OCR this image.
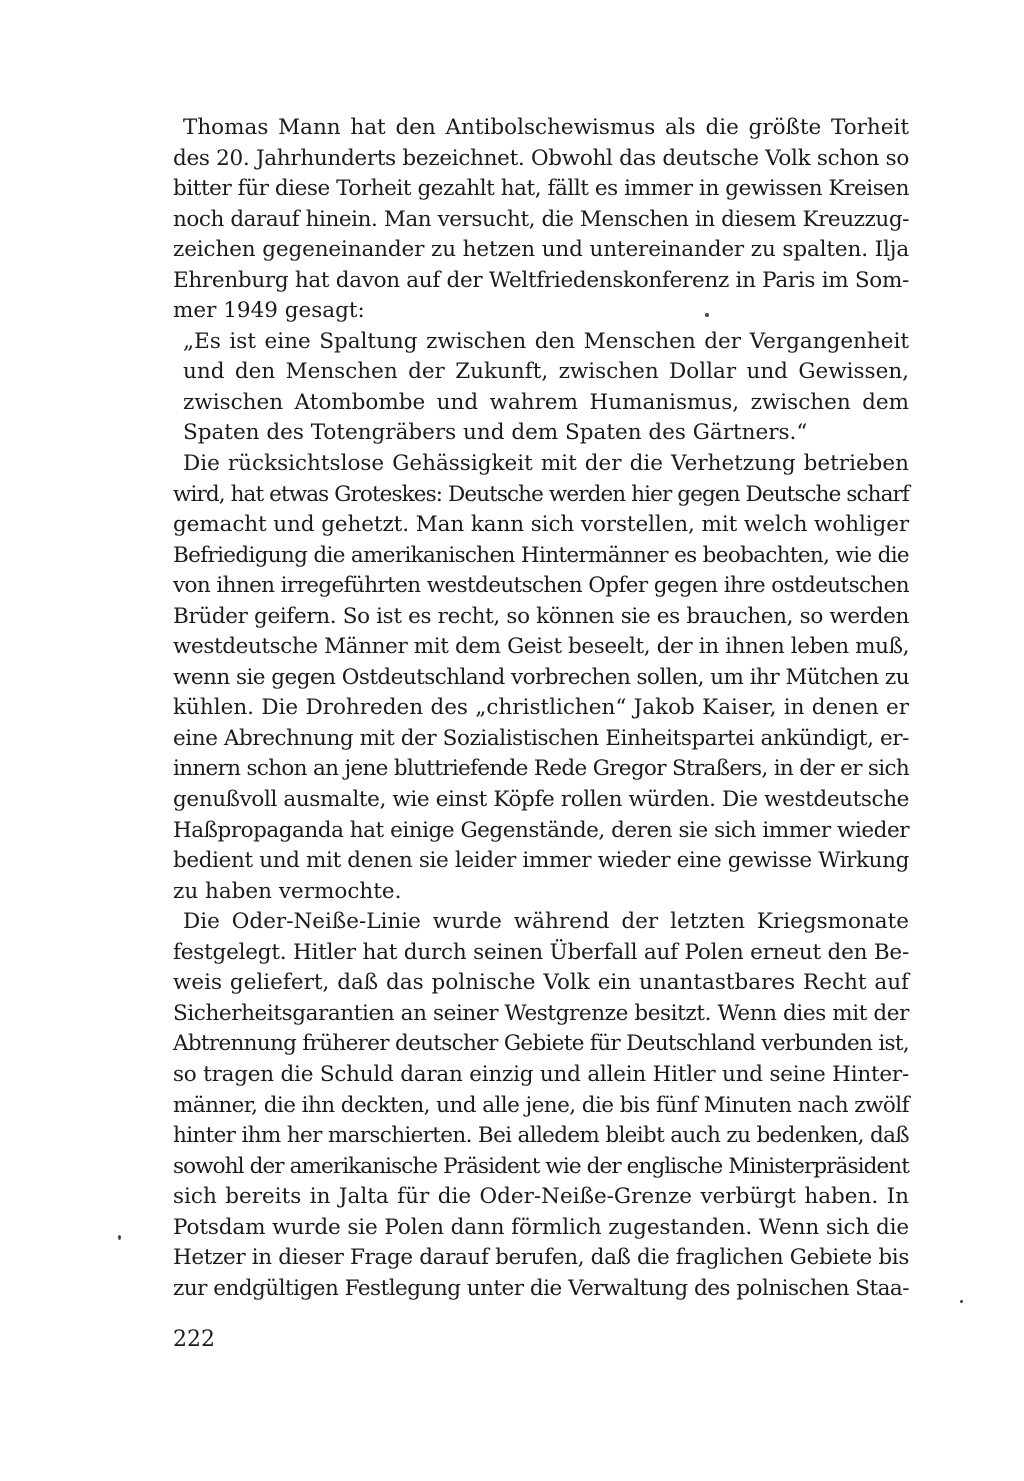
Thomas Mann hat den Antibolschewismus als die größte Torheit
des 20. Jahrhunderts bezeichnet. Obwohl das deutsche Volk schon so
bitter für diese Torheit gezahlt hat, fällt es immer in gewissen Kreisen
noch darauf hinein. Man versucht, die Menschen in diesem Kreuzzug-
zeichen gegeneinander zu hetzen und untereinander zu spalten. Ilja
Ehrenburg hat davon auf der Weltfriedenskonferenz in Paris im Som-
mer 1949 gesagt:
„Es ist eine Spaltung zwischen den Menschen der Vergangenheit
und den Menschen der Zukunft, zwischen Dollar und Gewissen,
zwischen Atombombe und wahrem Humanismus, zwischen dem
Spaten des Totengräbers und dem Spaten des Gärtners.“
Die rücksichtslose Gehässigkeit mit der die Verhetzung betrieben
wird, hat etwas Groteskes: Deutsche werden hier gegen Deutsche scharf
gemacht und gehetzt. Man kann sich vorstellen, mit welch wohliger
Befriedigung die amerikanischen Hintermänner es beobachten, wie die
von ihnen irregeführten westdeutschen Opfer gegen ihre ostdeutschen
Brüder geifern. So ist es recht, so können sie es brauchen, so werden
westdeutsche Männer mit dem Geist beseelt, der in ihnen leben muß,
wenn sie gegen Ostdeutschland vorbrechen sollen, um ihr Mütchen zu
kühlen. Die Drohreden des „christlichen“ Jakob Kaiser, in denen er
eine Abrechnung mit der Sozialistischen Einheitspartei ankündigt, er-
innern schon an jene bluttriefende Rede Gregor Straßers, in der er sich
genußvoll ausmalte, wie einst Köpfe rollen würden. Die westdeutsche
Haßpropaganda hat einige Gegenstände, deren sie sich immer wieder
bedient und mit denen sie leider immer wieder eine gewisse Wirkung
zu haben vermochte.
Die Oder-Neiße-Linie wurde während der letzten Kriegsmonate
festgelegt. Hitler hat durch seinen Überfall auf Polen erneut den Be-
weis geliefert, daß das polnische Volk ein unantastbares Recht auf
Sicherheitsgarantien an seiner Westgrenze besitzt. Wenn dies mit der
Abtrennung früherer deutscher Gebiete für Deutschland verbunden ist,
so tragen die Schuld daran einzig und allein Hitler und seine Hinter-
männer, die ihn deckten, und alle jene, die bis fünf Minuten nach zwölf
hinter ihm her marschierten. Bei alledem bleibt auch zu bedenken, daß
sowohl der amerikanische Präsident wie der englische Ministerpräsident
sich bereits in Jalta für die Oder-Neiße-Grenze verbürgt haben. In
Potsdam wurde sie Polen dann förmlich zugestanden. Wenn sich die
Hetzer in dieser Frage darauf berufen, daß die fraglichen Gebiete bis
zur endgültigen Festlegung unter die Verwaltung des polnischen Staa-
222
